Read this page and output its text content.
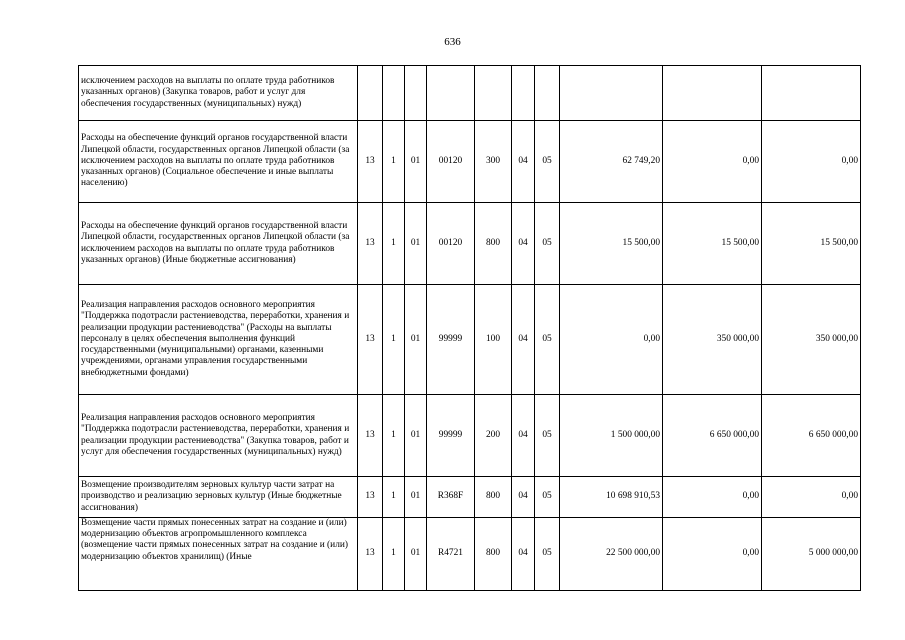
636
исключением расходов на выплаты по оплате труда работников указанных органов) (Закупка товаров, работ и услуг для обеспечения государственных (муниципальных) нужд)										
Расходы на обеспечение функций органов государственной власти Липецкой области, государственных органов Липецкой области (за исключением расходов на выплаты по оплате труда работников указанных органов) (Социальное обеспечение и иные выплаты населению)	13	1	01	00120	300	04	05	62 749,20	0,00	0,00
Расходы на обеспечение функций органов государственной власти Липецкой области, государственных органов Липецкой области (за исключением расходов на выплаты по оплате труда работников указанных органов) (Иные бюджетные ассигнования)	13	1	01	00120	800	04	05	15 500,00	15 500,00	15 500,00
Реализация направления расходов основного мероприятия "Поддержка подотрасли растениеводства, переработки, хранения и реализации продукции растениеводства" (Расходы на выплаты персоналу в целях обеспечения выполнения функций государственными (муниципальными) органами, казенными учреждениями, органами управления государственными внебюджетными фондами)	13	1	01	99999	100	04	05	0,00	350 000,00	350 000,00
Реализация направления расходов основного мероприятия "Поддержка подотрасли растениеводства, переработки, хранения и реализации продукции растениеводства" (Закупка товаров, работ и услуг для обеспечения государственных (муниципальных) нужд)	13	1	01	99999	200	04	05	1 500 000,00	6 650 000,00	6 650 000,00
Возмещение производителям зерновых культур части затрат на производство и реализацию зерновых культур (Иные бюджетные ассигнования)	13	1	01	R368F	800	04	05	10 698 910,53	0,00	0,00
Возмещение части прямых понесенных затрат на создание и (или) модернизацию объектов агропромышленного комплекса (возмещение части прямых понесенных затрат на создание и (или) модернизацию объектов хранилищ) (Иные	13	1	01	R4721	800	04	05	22 500 000,00	0,00	5 000 000,00
